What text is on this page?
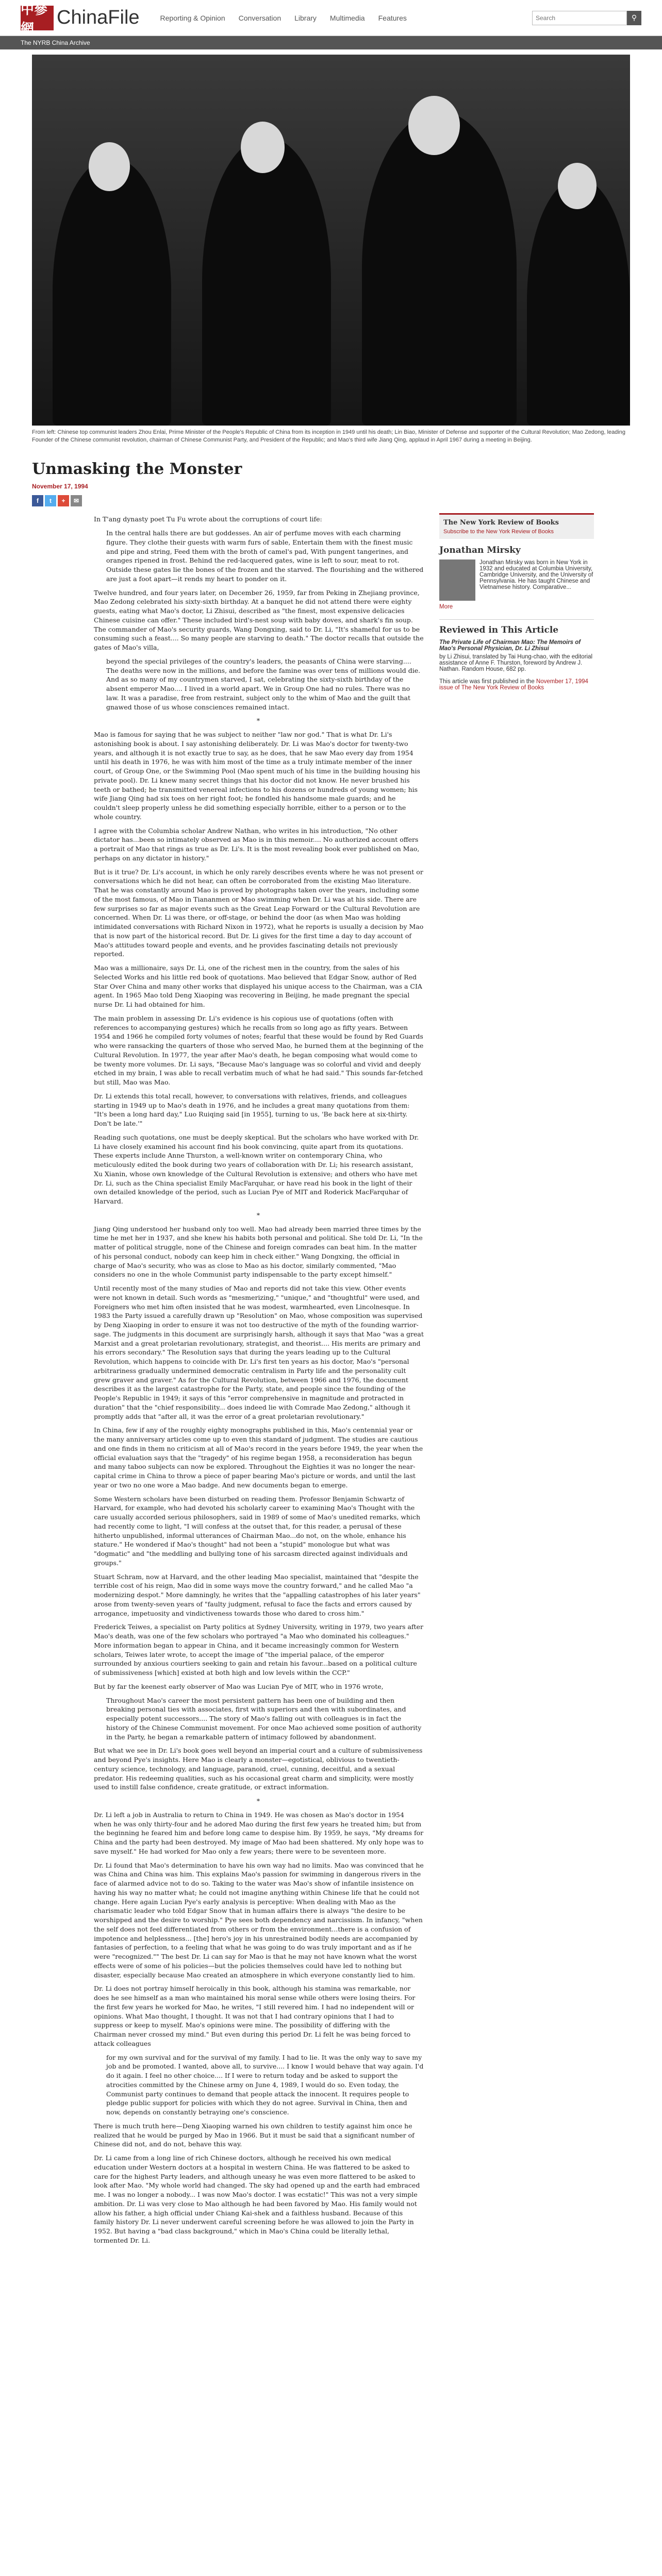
中參網
ChinaFile	Reporting & Opinion Conversation Library Multimedia Features
Search	⚲
The NYRB China Archive
From left: Chinese top communist leaders Zhou Enlai, Prime Minister of the People's Republic of China from its inception in 1949 until his death; Lin Biao, Minister of Defense and supporter of the Cultural Revolution; Mao Zedong, leading Founder of the Chinese communist revolution, chairman of Chinese Communist Party, and President of the Republic; and Mao's third wife Jiang Qing, applaud in April 1967 during a meeting in Beijing.
Unmasking the Monster
November 17, 1994
f	t	+	✉

In T'ang dynasty poet Tu Fu wrote about the corruptions of court life:

In the central halls there are but goddesses. An air of perfume moves with each charming figure. They clothe their guests with warm furs of sable, Entertain them with the finest music and pipe and string, Feed them with the broth of camel's pad, With pungent tangerines, and oranges ripened in frost. Behind the red-lacquered gates, wine is left to sour, meat to rot. Outside these gates lie the bones of the frozen and the starved. The flourishing and the withered are just a foot apart—it rends my heart to ponder on it.

Twelve hundred, and four years later, on December 26, 1959, far from Peking in Zhejiang province, Mao Zedong celebrated his sixty-sixth birthday. At a banquet he did not attend there were eighty guests, eating what Mao's doctor, Li Zhisui, described as "the finest, most expensive delicacies Chinese cuisine can offer." These included bird's-nest soup with baby doves, and shark's fin soup. The commander of Mao's security guards, Wang Dongxing, said to Dr. Li, "It's shameful for us to be consuming such a feast.... So many people are starving to death." The doctor recalls that outside the gates of Mao's villa,

beyond the special privileges of the country's leaders, the peasants of China were starving.... The deaths were now in the millions, and before the famine was over tens of millions would die. And as so many of my countrymen starved, I sat, celebrating the sixty-sixth birthday of the absent emperor Mao.... I lived in a world apart. We in Group One had no rules. There was no law. It was a paradise, free from restraint, subject only to the whim of Mao and the guilt that gnawed those of us whose consciences remained intact.
*

Mao is famous for saying that he was subject to neither "law nor god." That is what Dr. Li's astonishing book is about. I say astonishing deliberately. Dr. Li was Mao's doctor for twenty-two years, and although it is not exactly true to say, as he does, that he saw Mao every day from 1954 until his death in 1976, he was with him most of the time as a truly intimate member of the inner court, of Group One, or the Swimming Pool (Mao spent much of his time in the building housing his private pool). Dr. Li knew many secret things that his doctor did not know. He never brushed his teeth or bathed; he transmitted venereal infections to his dozens or hundreds of young women; his wife Jiang Qing had six toes on her right foot; he fondled his handsome male guards; and he couldn't sleep properly unless he did something especially horrible, either to a person or to the whole country.

I agree with the Columbia scholar Andrew Nathan, who writes in his introduction, "No other dictator has...been so intimately observed as Mao is in this memoir.... No authorized account offers a portrait of Mao that rings as true as Dr. Li's. It is the most revealing book ever published on Mao, perhaps on any dictator in history."

But is it true? Dr. Li's account, in which he only rarely describes events where he was not present or conversations which he did not hear, can often be corroborated from the existing Mao literature. That he was constantly around Mao is proved by photographs taken over the years, including some of the most famous, of Mao in Tiananmen or Mao swimming when Dr. Li was at his side. There are few surprises so far as major events such as the Great Leap Forward or the Cultural Revolution are concerned. When Dr. Li was there, or off-stage, or behind the door (as when Mao was holding intimidated conversations with Richard Nixon in 1972), what he reports is usually a decision by Mao that is now part of the historical record. But Dr. Li gives for the first time a day to day account of Mao's attitudes toward people and events, and he provides fascinating details not previously reported.

Mao was a millionaire, says Dr. Li, one of the richest men in the country, from the sales of his Selected Works and his little red book of quotations. Mao believed that Edgar Snow, author of Red Star Over China and many other works that displayed his unique access to the Chairman, was a CIA agent. In 1965 Mao told Deng Xiaoping was recovering in Beijing, he made pregnant the special nurse Dr. Li had obtained for him.

The main problem in assessing Dr. Li's evidence is his copious use of quotations (often with references to accompanying gestures) which he recalls from so long ago as fifty years. Between 1954 and 1966 he compiled forty volumes of notes; fearful that these would be found by Red Guards who were ransacking the quarters of those who served Mao, he burned them at the beginning of the Cultural Revolution. In 1977, the year after Mao's death, he began composing what would come to be twenty more volumes. Dr. Li says, "Because Mao's language was so colorful and vivid and deeply etched in my brain, I was able to recall verbatim much of what he had said." This sounds far-fetched but still, Mao was Mao.

Dr. Li extends this total recall, however, to conversations with relatives, friends, and colleagues starting in 1949 up to Mao's death in 1976, and he includes a great many quotations from them: "It's been a long hard day," Luo Ruiqing said [in 1955], turning to us, 'Be back here at six-thirty. Don't be late.'"

Reading such quotations, one must be deeply skeptical. But the scholars who have worked with Dr. Li have closely examined his account find his book convincing, quite apart from its quotations. These experts include Anne Thurston, a well-known writer on contemporary China, who meticulously edited the book during two years of collaboration with Dr. Li; his research assistant, Xu Xianin, whose own knowledge of the Cultural Revolution is extensive; and others who have met Dr. Li, such as the China specialist Emily MacFarquhar, or have read his book in the light of their own detailed knowledge of the period, such as Lucian Pye of MIT and Roderick MacFarquhar of Harvard.

*

Jiang Qing understood her husband only too well. Mao had already been married three times by the time he met her in 1937, and she knew his habits both personal and political. She told Dr. Li, "In the matter of political struggle, none of the Chinese and foreign comrades can beat him. In the matter of his personal conduct, nobody can keep him in check either." Wang Dongxing, the official in charge of Mao's security, who was as close to Mao as his doctor, similarly commented, "Mao considers no one in the whole Communist party indispensable to the party except himself."

Until recently most of the many studies of Mao and reports did not take this view. Other events were not known in detail. Such words as "mesmerizing," "unique," and "thoughtful" were used, and Foreigners who met him often insisted that he was modest, warmhearted, even Lincolnesque. In 1983 the Party issued a carefully drawn up "Resolution" on Mao, whose composition was supervised by Deng Xiaoping in order to ensure it was not too destructive of the myth of the founding warrior-sage. The judgments in this document are surprisingly harsh, although it says that Mao "was a great Marxist and a great proletarian revolutionary, strategist, and theorist.... His merits are primary and his errors secondary." The Resolution says that during the years leading up to the Cultural Revolution, which happens to coincide with Dr. Li's first ten years as his doctor, Mao's "personal arbitrariness gradually undermined democratic centralism in Party life and the personality cult grew graver and graver." As for the Cultural Revolution, between 1966 and 1976, the document describes it as the largest catastrophe for the Party, state, and people since the founding of the People's Republic in 1949; it says of this "error comprehensive in magnitude and protracted in duration" that the "chief responsibility... does indeed lie with Comrade Mao Zedong," although it promptly adds that "after all, it was the error of a great proletarian revolutionary."

In China, few if any of the roughly eighty monographs published in this, Mao's centennial year or the many anniversary articles come up to even this standard of judgment. The studies are cautious and one finds in them no criticism at all of Mao's record in the years before 1949, the year when the official evaluation says that the "tragedy" of his regime began 1958, a reconsideration has begun and many taboo subjects can now be explored. Throughout the Eighties it was no longer the near-capital crime in China to throw a piece of paper bearing Mao's picture or words, and until the last year or two no one wore a Mao badge. And new documents began to emerge.

Some Western scholars have been disturbed on reading them. Professor Benjamin Schwartz of Harvard, for example, who had devoted his scholarly career to examining Mao's Thought with the care usually accorded serious philosophers, said in 1989 of some of Mao's unedited remarks, which had recently come to light, "I will confess at the outset that, for this reader, a perusal of these hitherto unpublished, informal utterances of Chairman Mao...do not, on the whole, enhance his stature." He wondered if Mao's thought" had not been a "stupid" monologue but what was "dogmatic" and "the meddling and bullying tone of his sarcasm directed against individuals and groups."

Stuart Schram, now at Harvard, and the other leading Mao specialist, maintained that "despite the terrible cost of his reign, Mao did in some ways move the country forward," and he called Mao "a modernizing despot." More damningly, he writes that the "appalling catastrophes of his later years" arose from twenty-seven years of "faulty judgment, refusal to face the facts and errors caused by arrogance, impetuosity and vindictiveness towards those who dared to cross him."

Frederick Teiwes, a specialist on Party politics at Sydney University, writing in 1979, two years after Mao's death, was one of the few scholars who portrayed "a Mao who dominated his colleagues." More information began to appear in China, and it became increasingly common for Western scholars, Teiwes later wrote, to accept the image of "the imperial palace, of the emperor surrounded by anxious courtiers seeking to gain and retain his favour...based on a political culture of submissiveness [which] existed at both high and low levels within the CCP."

But by far the keenest early observer of Mao was Lucian Pye of MIT, who in 1976 wrote,

Throughout Mao's career the most persistent pattern has been one of building and then breaking personal ties with associates, first with superiors and then with subordinates, and especially potent successors.... The story of Mao's falling out with colleagues is in fact the history of the Chinese Communist movement. For once Mao achieved some position of authority in the Party, he began a remarkable pattern of intimacy followed by abandonment.

But what we see in Dr. Li's book goes well beyond an imperial court and a culture of submissiveness and beyond Pye's insights. Here Mao is clearly a monster—egotistical, oblivious to twentieth-century science, technology, and language, paranoid, cruel, cunning, deceitful, and a sexual predator. His redeeming qualities, such as his occasional great charm and simplicity, were mostly used to instill false confidence, create gratitude, or extract information.

*

Dr. Li left a job in Australia to return to China in 1949. He was chosen as Mao's doctor in 1954 when he was only thirty-four and he adored Mao during the first few years he treated him; but from the beginning he feared him and before long came to despise him. By 1959, he says, "My dreams for China and the party had been destroyed. My image of Mao had been shattered. My only hope was to save myself." He had worked for Mao only a few years; there were to be seventeen more.

Dr. Li found that Mao's determination to have his own way had no limits. Mao was convinced that he was China and China was him. This explains Mao's passion for swimming in dangerous rivers in the face of alarmed advice not to do so. Taking to the water was Mao's show of infantile insistence on having his way no matter what; he could not imagine anything within Chinese life that he could not change. Here again Lucian Pye's early analysis is perceptive: When dealing with Mao as the charismatic leader who told Edgar Snow that in human affairs there is always "the desire to be worshipped and the desire to worship." Pye sees both dependency and narcissism. In infancy, "when the self does not feel differentiated from others or from the environment...there is a confusion of impotence and helplessness... [the] hero's joy in his unrestrained bodily needs are accompanied by fantasies of perfection, to a feeling that what he was going to do was truly important and as if he were "recognized."" The best Dr. Li can say for Mao is that he may not have known what the worst effects were of some of his policies—but the policies themselves could have led to nothing but disaster, especially because Mao created an atmosphere in which everyone constantly lied to him.

Dr. Li does not portray himself heroically in this book, although his stamina was remarkable, nor does he see himself as a man who maintained his moral sense while others were losing theirs. For the first few years he worked for Mao, he writes, "I still revered him. I had no independent will or opinions. What Mao thought, I thought. It was not that I had contrary opinions that I had to suppress or keep to myself. Mao's opinions were mine. The possibility of differing with the Chairman never crossed my mind." But even during this period Dr. Li felt he was being forced to attack colleagues

for my own survival and for the survival of my family. I had to lie. It was the only way to save my job and be promoted. I wanted, above all, to survive.... I know I would behave that way again. I'd do it again. I feel no other choice.... If I were to return today and be asked to support the atrocities committed by the Chinese army on June 4, 1989, I would do so. Even today, the Communist party continues to demand that people attack the innocent. It requires people to pledge public support for policies with which they do not agree. Survival in China, then and now, depends on constantly betraying one's conscience.

There is much truth here—Deng Xiaoping warned his own children to testify against him once he realized that he would be purged by Mao in 1966. But it must be said that a significant number of Chinese did not, and do not, behave this way.

Dr. Li came from a long line of rich Chinese doctors, although he received his own medical education under Western doctors at a hospital in western China. He was flattered to be asked to care for the highest Party leaders, and although uneasy he was even more flattered to be asked to look after Mao. "My whole world had changed. The sky had opened up and the earth had embraced me. I was no longer a nobody... I was now Mao's doctor. I was ecstatic!" This was not a very simple ambition. Dr. Li was very close to Mao although he had been favored by Mao. His family would not allow his father, a high official under Chiang Kai-shek and a faithless husband. Because of this family history Dr. Li never underwent careful screening before he was allowed to join the Party in 1952. But having a "bad class background," which in Mao's China could be literally lethal, tormented Dr. Li.

The New York Review of Books
Subscribe to the New York Review of Books
Jonathan Mirsky
Jonathan Mirsky was born in New York in 1932 and educated at Columbia University, Cambridge University, and the University of Pennsylvania. He has taught Chinese and Vietnamese history. Comparative...
More
Reviewed in This Article
The Private Life of Chairman Mao: The Memoirs of Mao's Personal Physician, Dr. Li Zhisui
by Li Zhisui, translated by Tai Hung-chao, with the editorial assistance of Anne F. Thurston, foreword by Andrew J. Nathan. Random House, 682 pp.
This article was first published in the November 17, 1994 issue of The New York Review of Books
